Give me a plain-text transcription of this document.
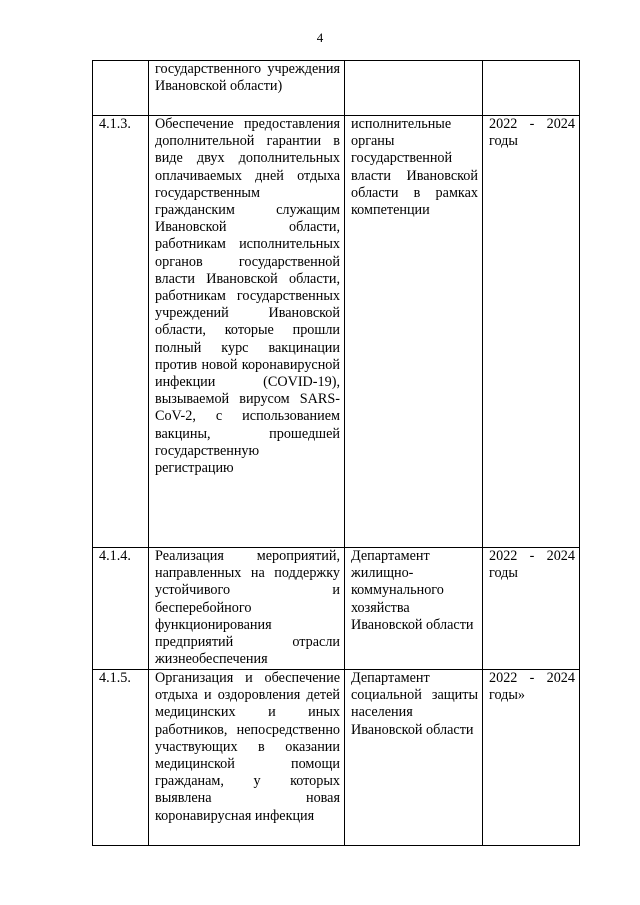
4

	государственного учреждения Ивановской области)		

4.1.3.	Обеспечение предоставления дополнительной гарантии в виде двух дополнительных оплачиваемых дней отдыха государственным гражданским служащим Ивановской области, работникам исполнительных органов государственной власти Ивановской области, работникам государственных учреждений Ивановской области, которые прошли полный курс вакцинации против новой коронавирусной инфекции (COVID-19), вызываемой вирусом SARS-CoV-2, с использованием вакцины, прошедшей государственную регистрацию	исполнительные органы государственной власти Ивановской области в рамках компетенции	2022 - 2024 годы

4.1.4.	Реализация мероприятий, направленных на поддержку устойчивого и бесперебойного функционирования предприятий отрасли жизнеобеспечения	Департамент жилищно-коммунального хозяйства Ивановской области	2022 - 2024 годы

4.1.5.	Организация и обеспечение отдыха и оздоровления детей медицинских и иных работников, непосредственно участвующих в оказании медицинской помощи гражданам, у которых выявлена новая коронавирусная инфекция	Департамент социальной защиты населения Ивановской области	2022 - 2024 годы»
